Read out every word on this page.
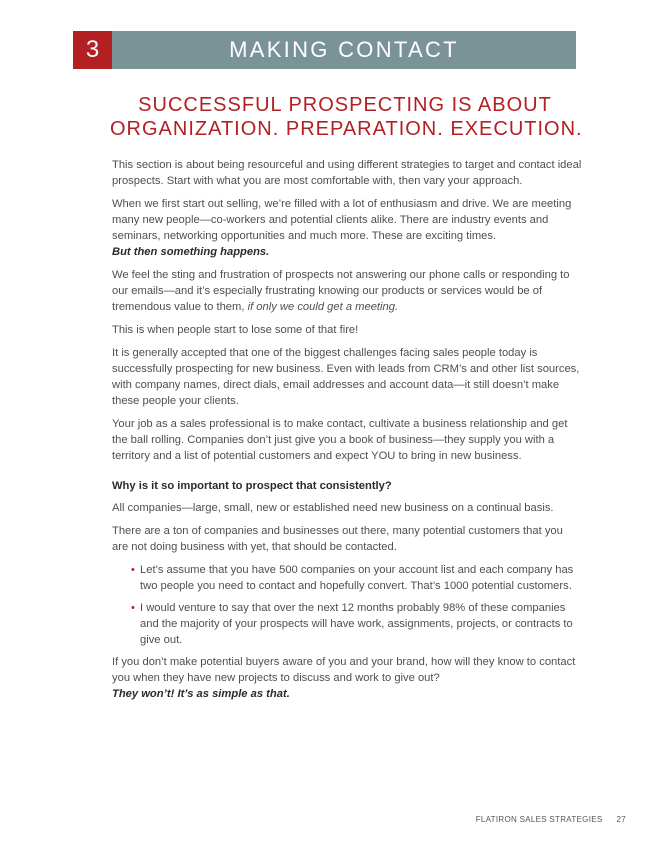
3	MAKING CONTACT
SUCCESSFUL PROSPECTING IS ABOUT
ORGANIZATION. PREPARATION. EXECUTION.

This section is about being resourceful and using different strategies to target and contact ideal prospects. Start with what you are most comfortable with, then vary your approach.

When we first start out selling, we’re filled with a lot of enthusiasm and drive. We are meeting many new people—co-workers and potential clients alike. There are industry events and seminars, networking opportunities and much more. These are exciting times.
But then something happens.

We feel the sting and frustration of prospects not answering our phone calls or responding to our emails—and it’s especially frustrating knowing our products or services would be of tremendous value to them, if only we could get a meeting.

This is when people start to lose some of that fire!

It is generally accepted that one of the biggest challenges facing sales people today is successfully prospecting for new business. Even with leads from CRM’s and other list sources, with company names, direct dials, email addresses and account data—it still doesn’t make these people your clients.

Your job as a sales professional is to make contact, cultivate a business relationship and get the ball rolling. Companies don’t just give you a book of business—they supply you with a territory and a list of potential customers and expect YOU to bring in new business.

Why is it so important to prospect that consistently?

All companies—large, small, new or established need new business on a continual basis.

There are a ton of companies and businesses out there, many potential customers that you are not doing business with yet, that should be contacted.

• Let’s assume that you have 500 companies on your account list and each company has two people you need to contact and hopefully convert. That’s 1000 potential customers.
• I would venture to say that over the next 12 months probably 98% of these companies and the majority of your prospects will have work, assignments, projects, or contracts to give out.

If you don’t make potential buyers aware of you and your brand, how will they know to contact you when they have new projects to discuss and work to give out?
They won’t! It’s as simple as that.

FLATIRON SALES STRATEGIES 27
